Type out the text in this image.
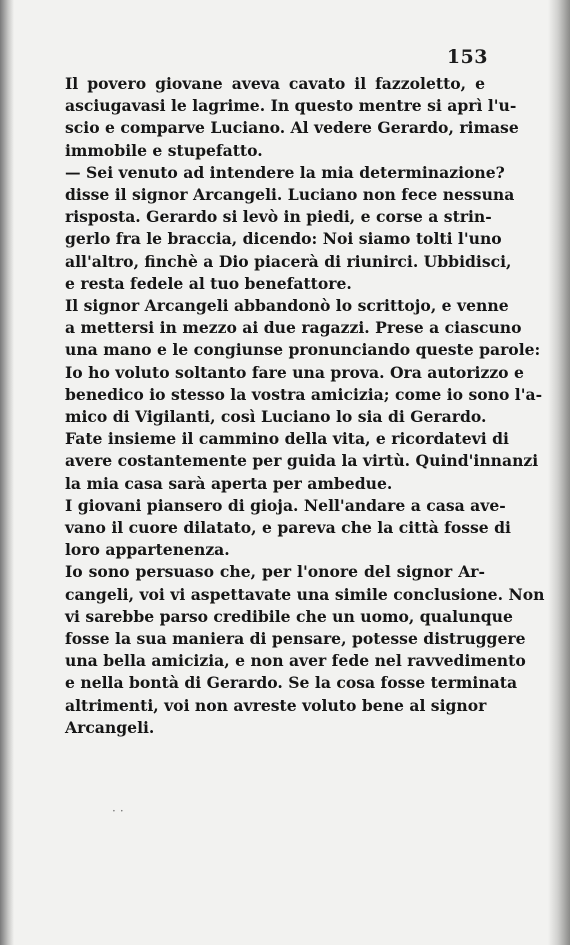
153

Il povero giovane aveva cavato il fazzoletto, e
asciugavasi le lagrime. In questo mentre si aprì l'u-
scio e comparve Luciano. Al vedere Gerardo, rimase
immobile e stupefatto.

— Sei venuto ad intendere la mia determinazione?
disse il signor Arcangeli. Luciano non fece nessuna
risposta. Gerardo si levò in piedi, e corse a strin-
gerlo fra le braccia, dicendo: Noi siamo tolti l'uno
all'altro, finchè a Dio piacerà di riunirci. Ubbidisci,
e resta fedele al tuo benefattore.

Il signor Arcangeli abbandonò lo scrittojo, e venne
a mettersi in mezzo ai due ragazzi. Prese a ciascuno
una mano e le congiunse pronunciando queste parole:
Io ho voluto soltanto fare una prova. Ora autorizzo e
benedico io stesso la vostra amicizia; come io sono l'a-
mico di Vigilanti, così Luciano lo sia di Gerardo.
Fate insieme il cammino della vita, e ricordatevi di
avere costantemente per guida la virtù. Quind'innanzi
la mia casa sarà aperta per ambedue.

I giovani piansero di gioja. Nell'andare a casa ave-
vano il cuore dilatato, e pareva che la città fosse di
loro appartenenza.

Io sono persuaso che, per l'onore del signor Ar-
cangeli, voi vi aspettavate una simile conclusione. Non
vi sarebbe parso credibile che un uomo, qualunque
fosse la sua maniera di pensare, potesse distruggere
una bella amicizia, e non aver fede nel ravvedimento
e nella bontà di Gerardo. Se la cosa fosse terminata
altrimenti, voi non avreste voluto bene al signor
Arcangeli.

··
